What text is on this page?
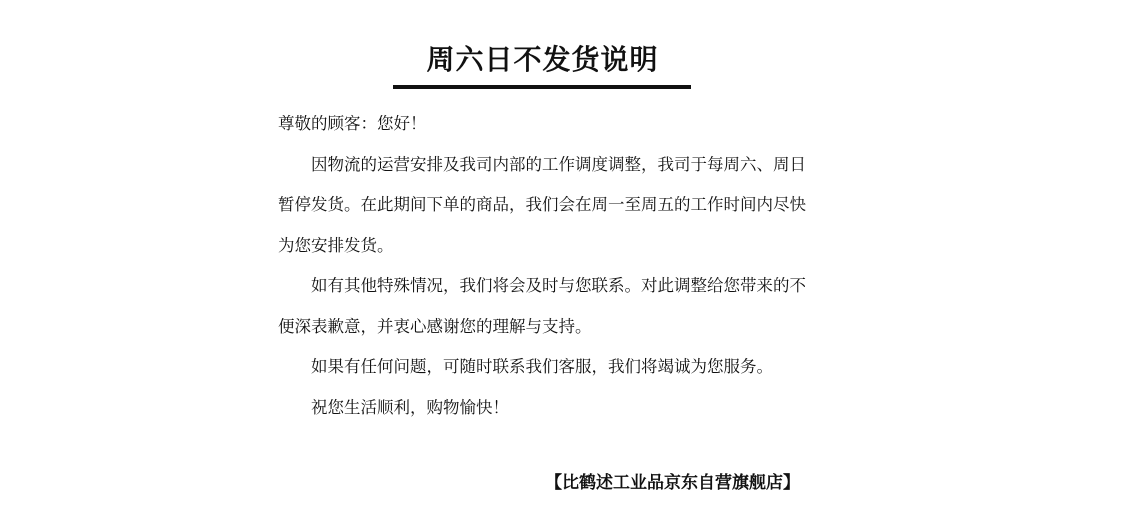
周六日不发货说明

尊敬的顾客：您好！

因物流的运营安排及我司内部的工作调度调整，我司于每周六、周日暂停发货。在此期间下单的商品，我们会在周一至周五的工作时间内尽快为您安排发货。

如有其他特殊情况，我们将会及时与您联系。对此调整给您带来的不便深表歉意，并衷心感谢您的理解与支持。

如果有任何问题，可随时联系我们客服，我们将竭诚为您服务。

祝您生活顺利，购物愉快！

【比鹤述工业品京东自营旗舰店】
